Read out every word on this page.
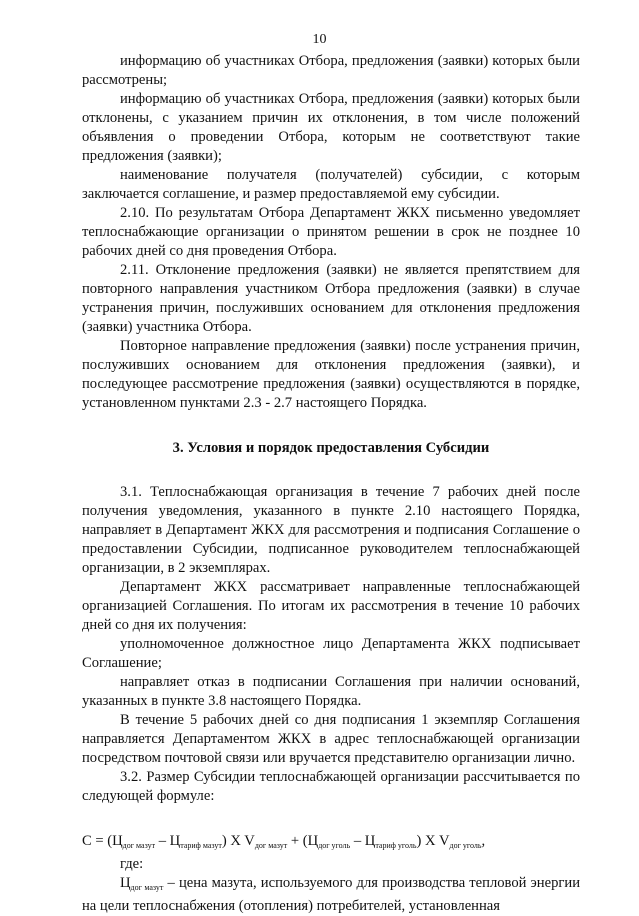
10

информацию об участниках Отбора, предложения (заявки) которых были рассмотрены;

информацию об участниках Отбора, предложения (заявки) которых были отклонены, с указанием причин их отклонения, в том числе положений объявления о проведении Отбора, которым не соответствуют такие предложения (заявки);

наименование получателя (получателей) субсидии, с которым заключается соглашение, и размер предоставляемой ему субсидии.

2.10. По результатам Отбора Департамент ЖКХ письменно уведомляет теплоснабжающие организации о принятом решении в срок не позднее 10 рабочих дней со дня проведения Отбора.

2.11. Отклонение предложения (заявки) не является препятствием для повторного направления участником Отбора предложения (заявки) в случае устранения причин, послуживших основанием для отклонения предложения (заявки) участника Отбора.

Повторное направление предложения (заявки) после устранения причин, послуживших основанием для отклонения предложения (заявки), и последующее рассмотрение предложения (заявки) осуществляются в порядке, установленном пунктами 2.3 - 2.7 настоящего Порядка.

3. Условия и порядок предоставления Субсидии

3.1. Теплоснабжающая организация в течение 7 рабочих дней после получения уведомления, указанного в пункте 2.10 настоящего Порядка, направляет в Департамент ЖКХ для рассмотрения и подписания Соглашение о предоставлении Субсидии, подписанное руководителем теплоснабжающей организации, в 2 экземплярах.

Департамент ЖКХ рассматривает направленные теплоснабжающей организацией Соглашения. По итогам их рассмотрения в течение 10 рабочих дней со дня их получения:

уполномоченное должностное лицо Департамента ЖКХ подписывает Соглашение;

направляет отказ в подписании Соглашения при наличии оснований, указанных в пункте 3.8 настоящего Порядка.

В течение 5 рабочих дней со дня подписания 1 экземпляр Соглашения направляется Департаментом ЖКХ в адрес теплоснабжающей организации посредством почтовой связи или вручается представителю организации лично.

3.2. Размер Субсидии теплоснабжающей организации рассчитывается по следующей формуле:

$С = (Ц_{дог мазут} - Ц_{тариф мазут})$ X $V_{дог мазут} + (Ц_{дог уголь} - Ц_{тариф уголь})$ X $V_{дог уголь}$,

где:

$Ц_{дог мазут}$ – цена мазута, используемого для производства тепловой энергии на цели теплоснабжения (отопления) потребителей, установленная
